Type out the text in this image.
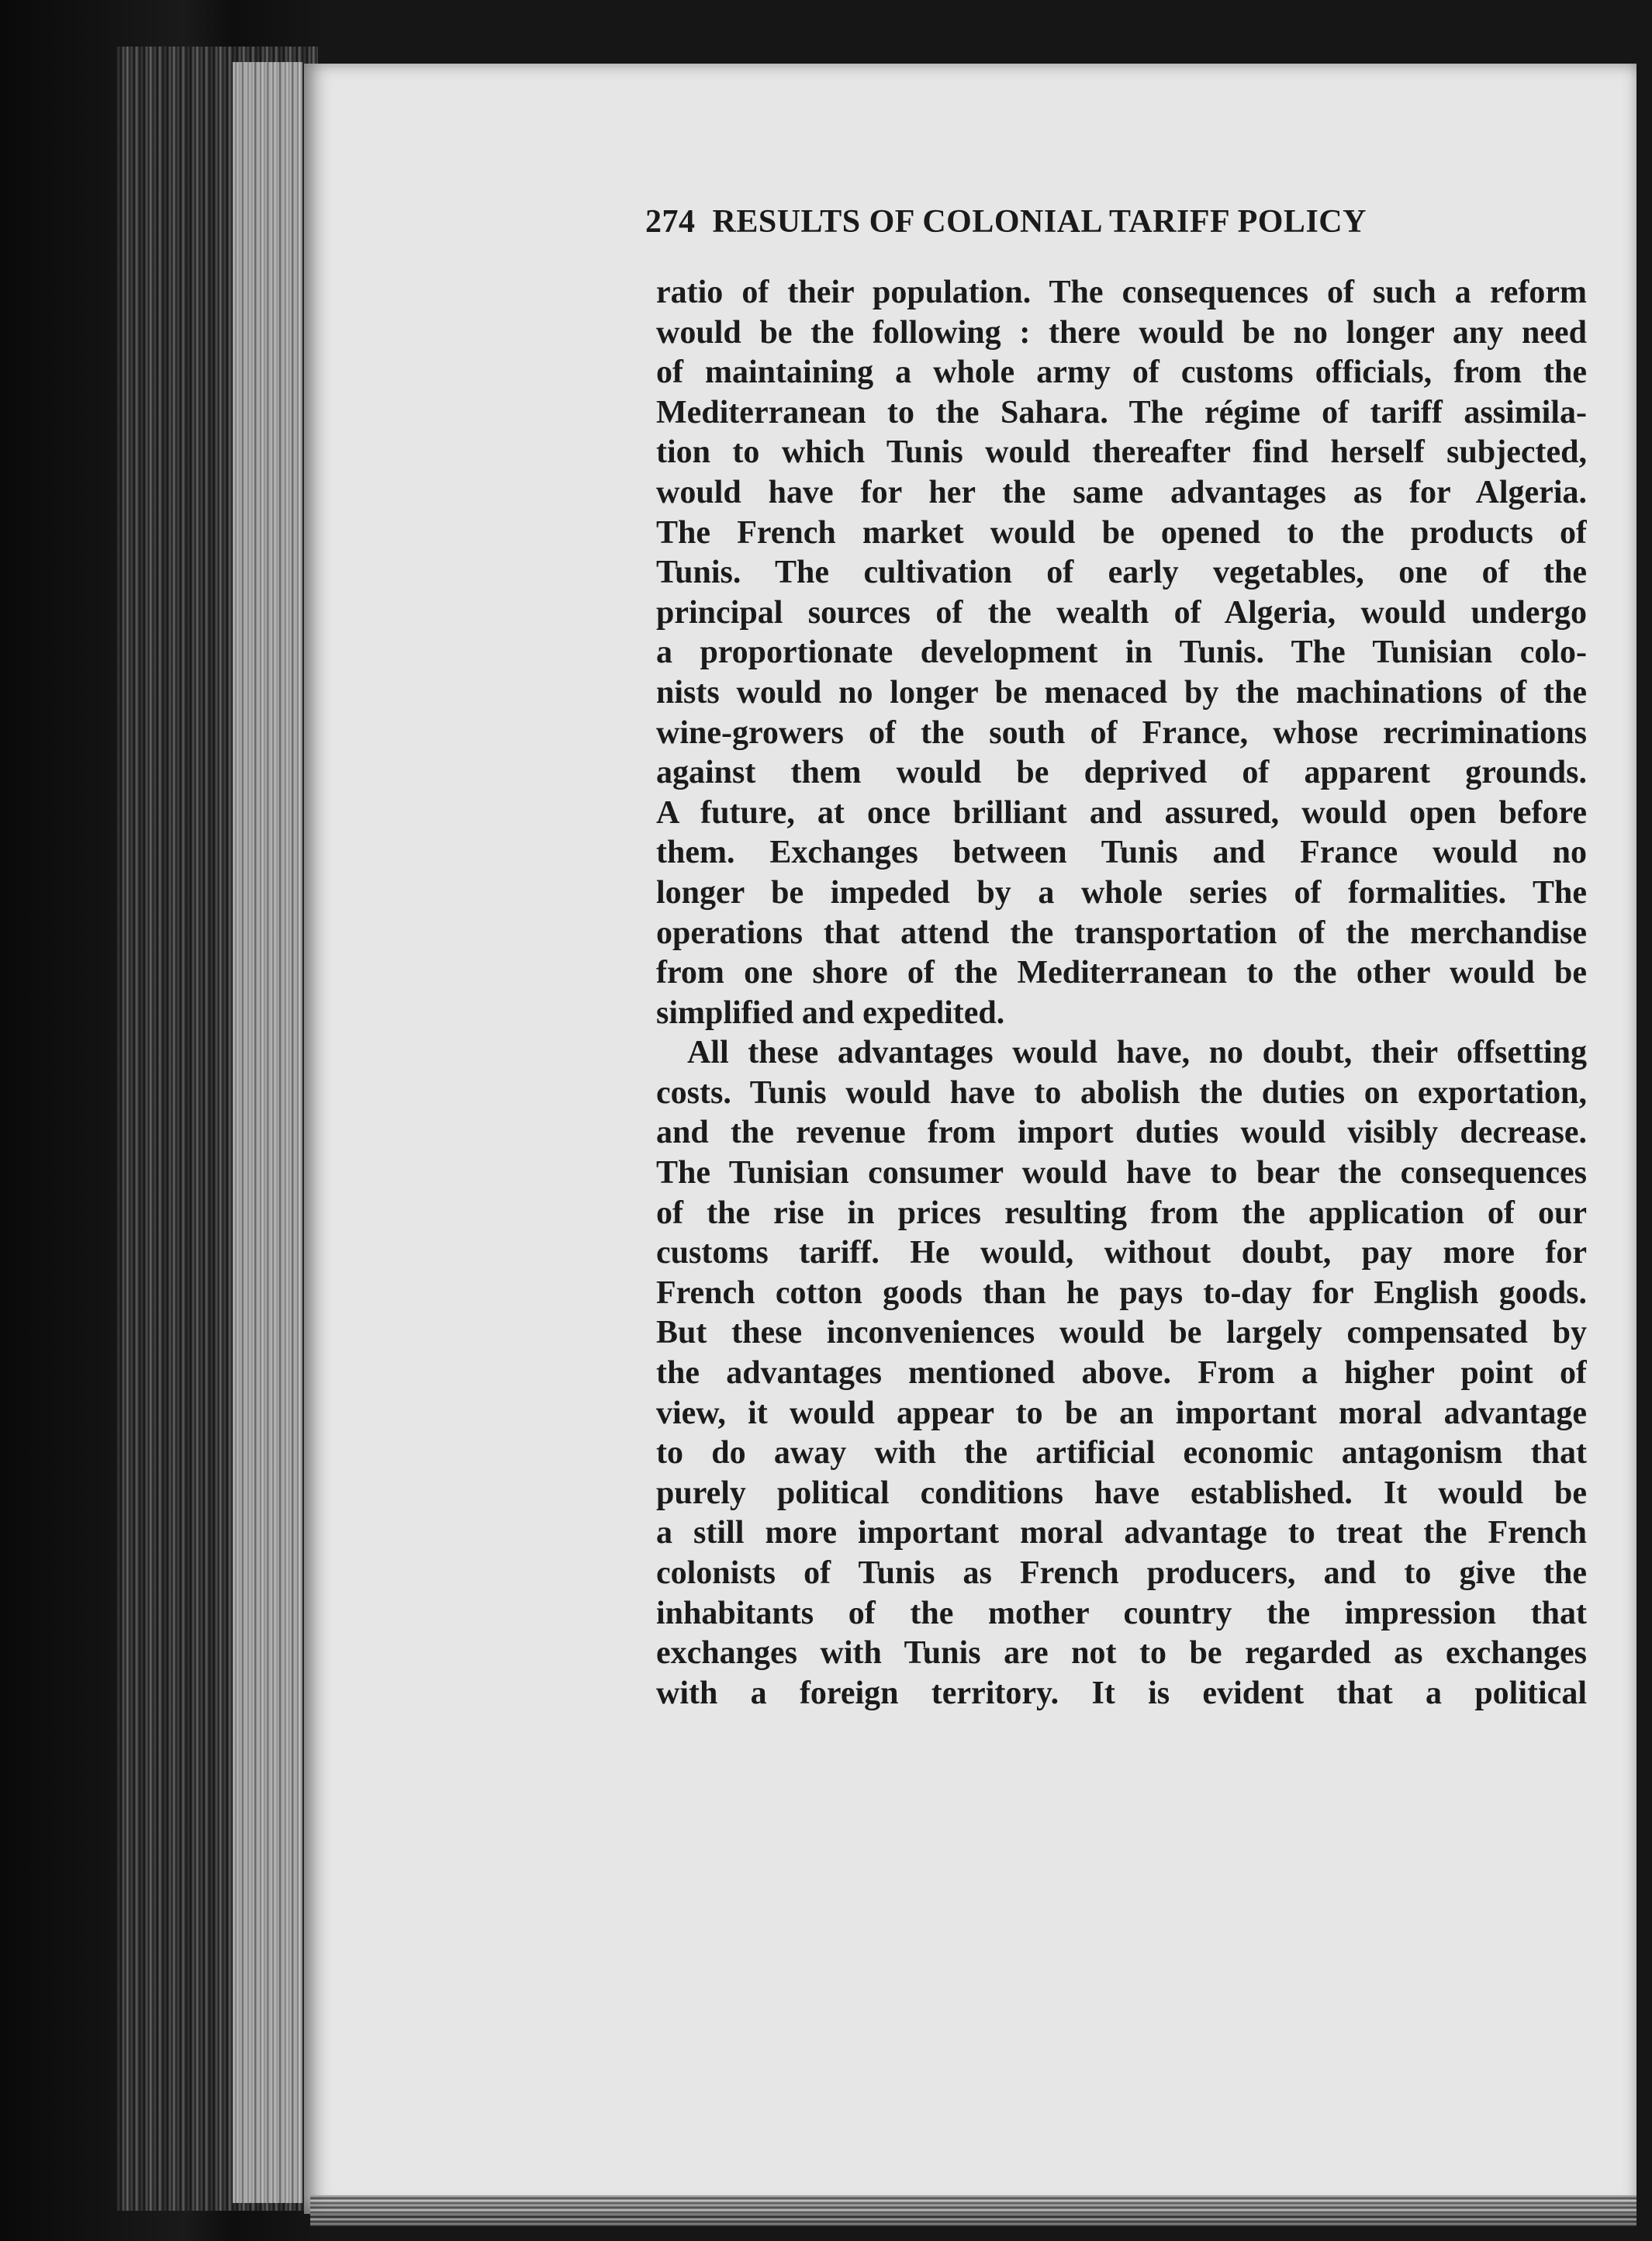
274 RESULTS OF COLONIAL TARIFF POLICY
ratio of their population. The consequences of such a reform
would be the following : there would be no longer any need
of maintaining a whole army of customs officials, from the
Mediterranean to the Sahara. The régime of tariff assimila-
tion to which Tunis would thereafter find herself subjected,
would have for her the same advantages as for Algeria.
The French market would be opened to the products of
Tunis. The cultivation of early vegetables, one of the
principal sources of the wealth of Algeria, would undergo
a proportionate development in Tunis. The Tunisian colo-
nists would no longer be menaced by the machinations of the
wine-growers of the south of France, whose recriminations
against them would be deprived of apparent grounds.
A future, at once brilliant and assured, would open before
them. Exchanges between Tunis and France would no
longer be impeded by a whole series of formalities. The
operations that attend the transportation of the merchandise
from one shore of the Mediterranean to the other would be
simplified and expedited.
All these advantages would have, no doubt, their offsetting
costs. Tunis would have to abolish the duties on exportation,
and the revenue from import duties would visibly decrease.
The Tunisian consumer would have to bear the consequences
of the rise in prices resulting from the application of our
customs tariff. He would, without doubt, pay more for
French cotton goods than he pays to-day for English goods.
But these inconveniences would be largely compensated by
the advantages mentioned above. From a higher point of
view, it would appear to be an important moral advantage
to do away with the artificial economic antagonism that
purely political conditions have established. It would be
a still more important moral advantage to treat the French
colonists of Tunis as French producers, and to give the
inhabitants of the mother country the impression that
exchanges with Tunis are not to be regarded as exchanges
with a foreign territory. It is evident that a political
